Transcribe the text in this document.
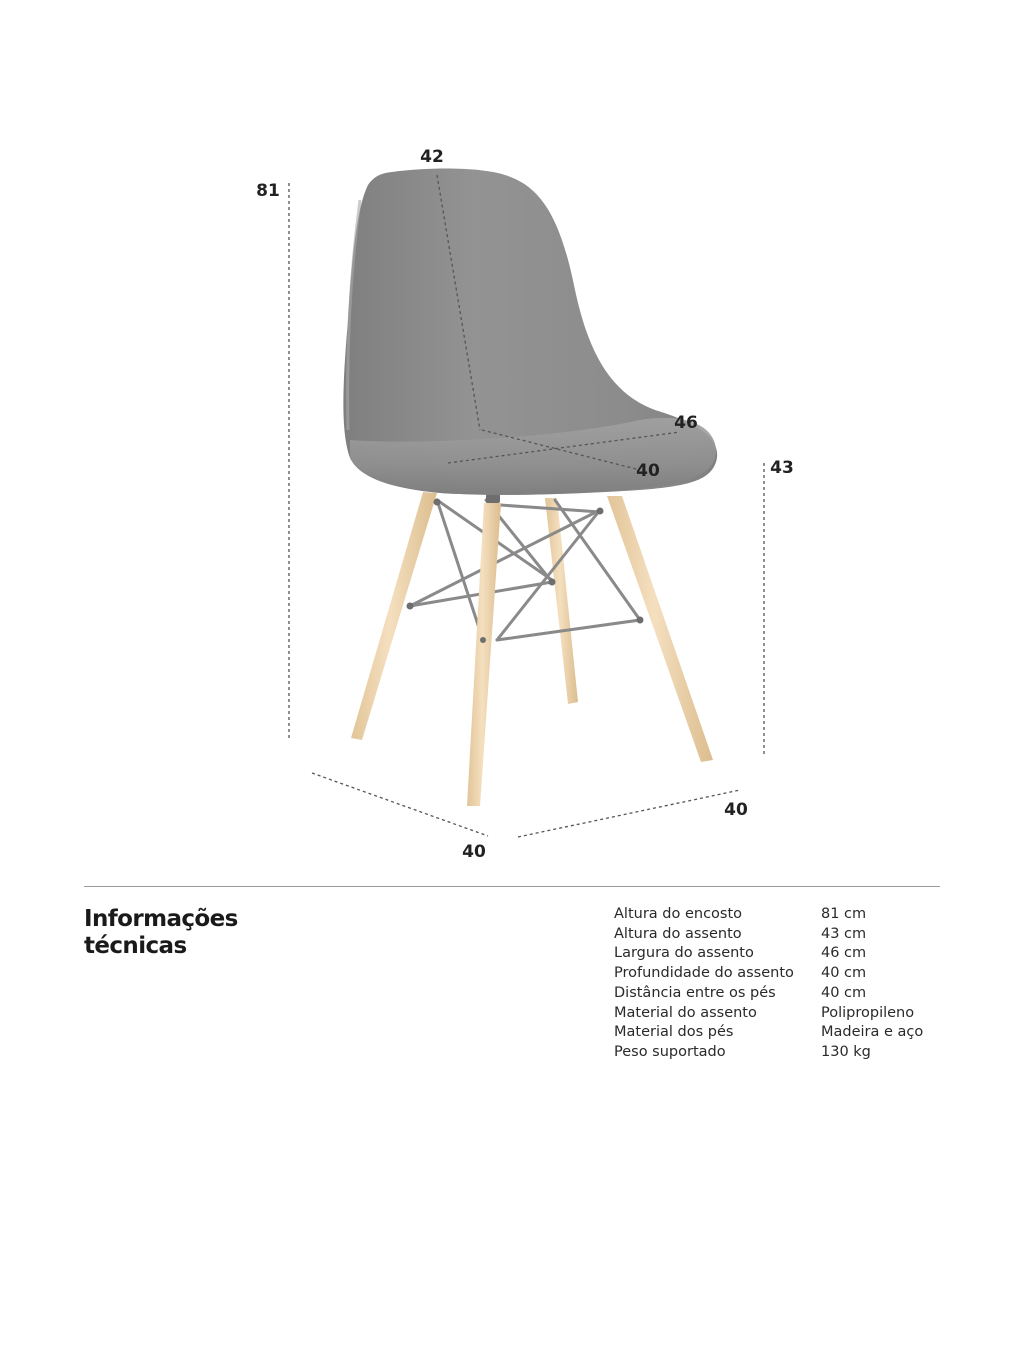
42
81
46
40	43
40
40
Informações
técnicas
Altura do encosto	81 cm
Altura do assento	43 cm
Largura do assento	46 cm
Profundidade do assento	40 cm
Distância entre os pés	40 cm
Material do assento	Polipropileno
Material dos pés	Madeira e aço
Peso suportado	130 kg
